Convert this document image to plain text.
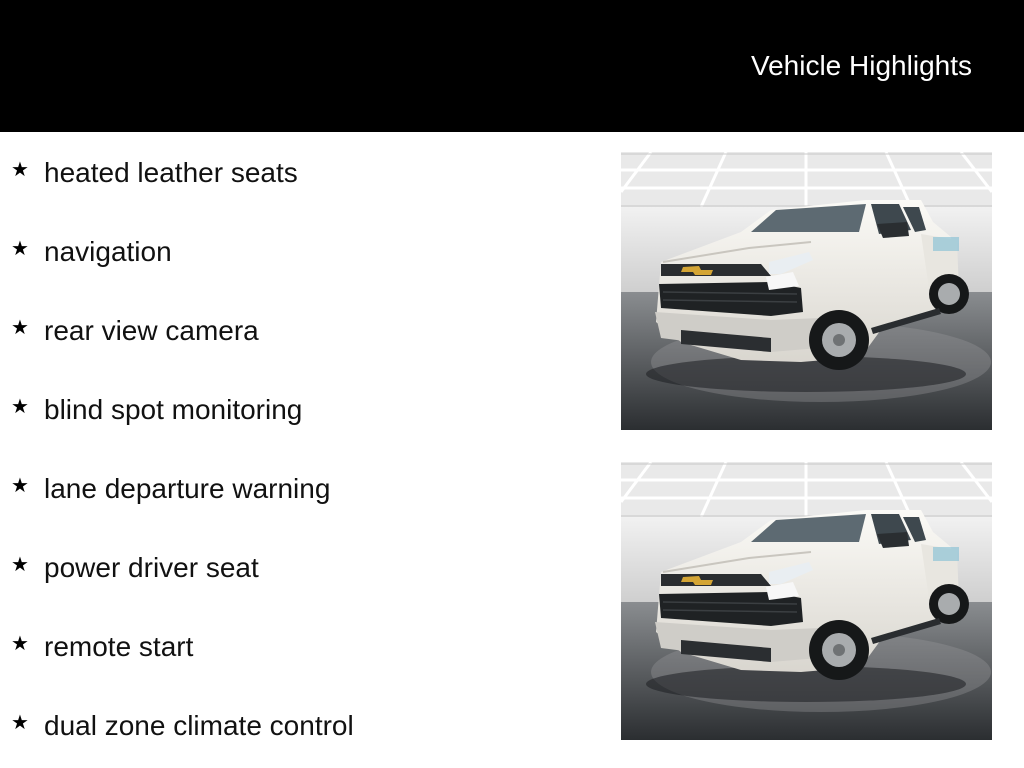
Vehicle Highlights
★ heated leather seats
★ navigation
★ rear view camera
★ blind spot monitoring
★ lane departure warning
★ power driver seat
★ remote start
★ dual zone climate control
